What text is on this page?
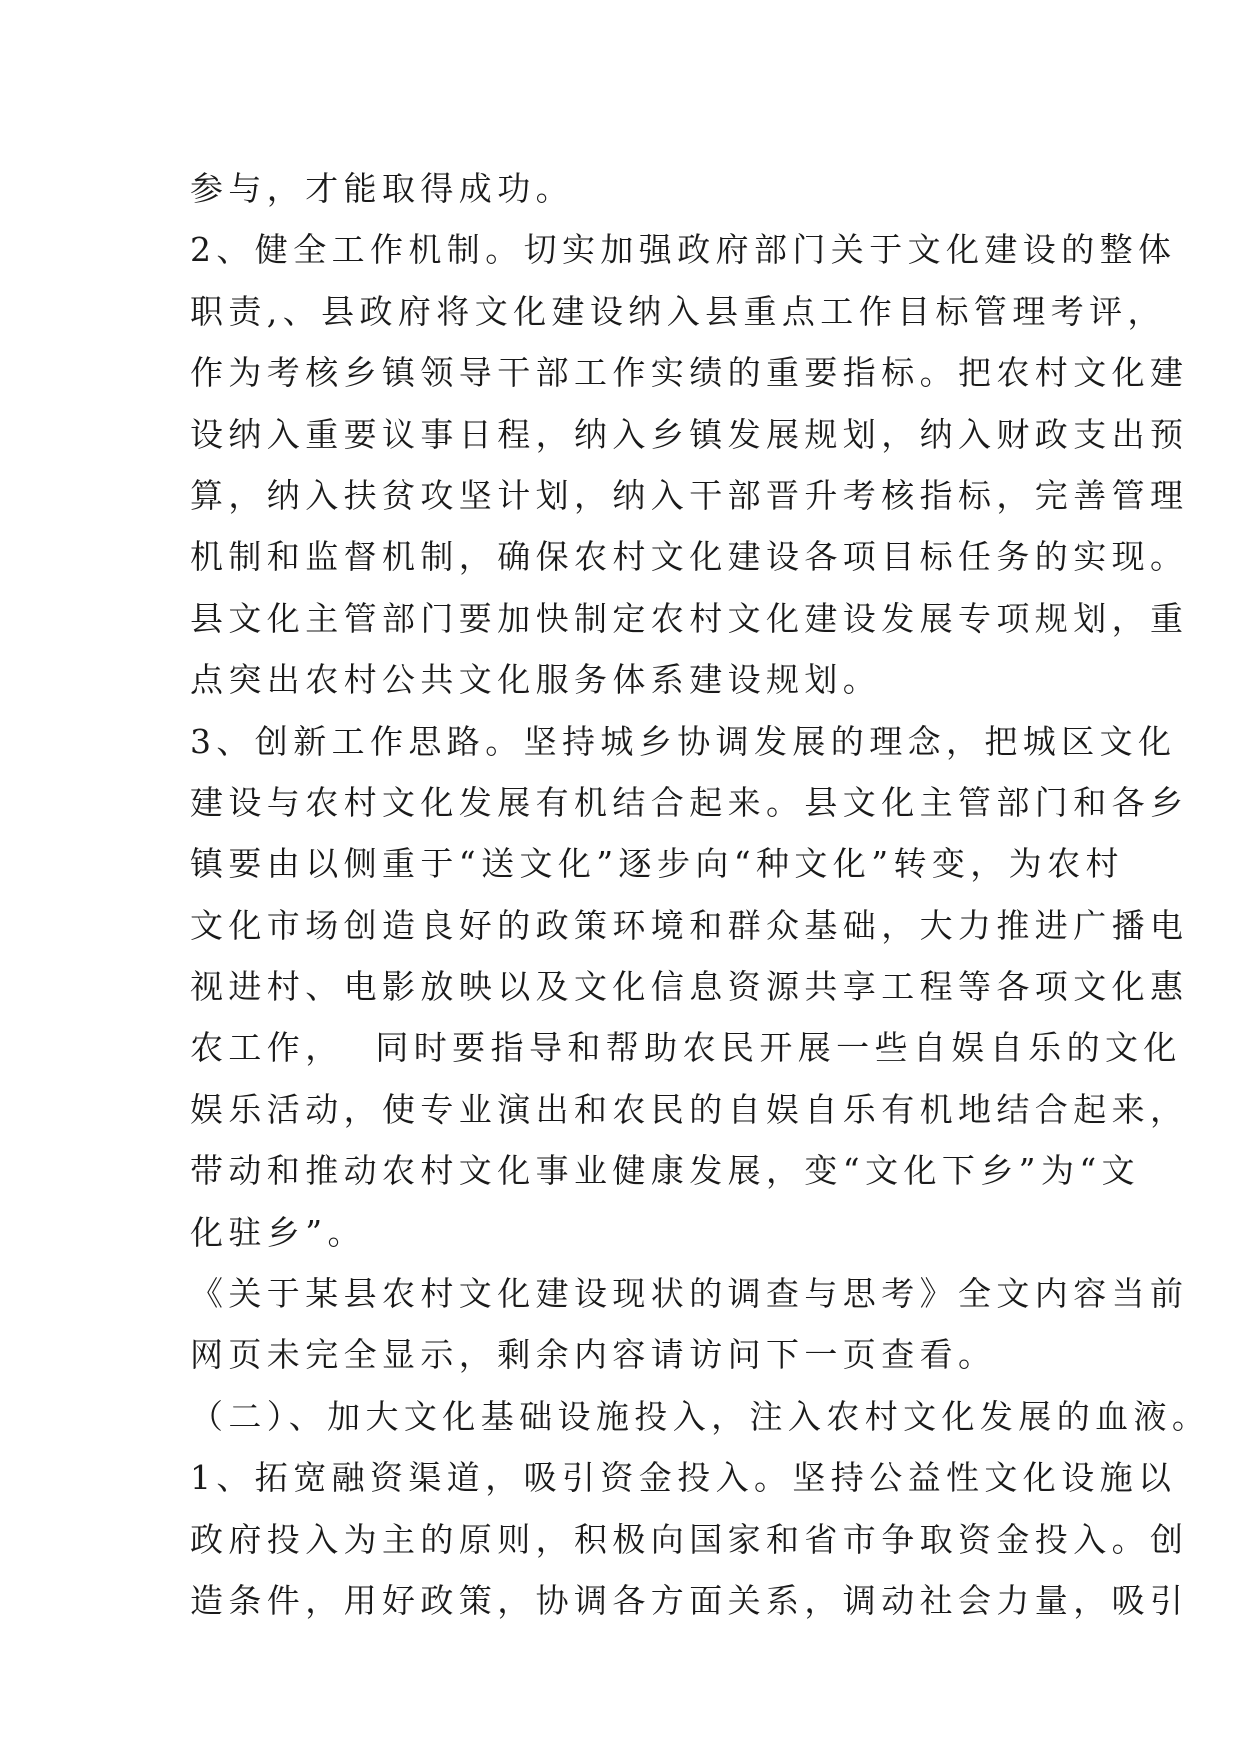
参与，才能取得成功。
2、健全工作机制。切实加强政府部门关于文化建设的整体
职责,、县政府将文化建设纳入县重点工作目标管理考评，
作为考核乡镇领导干部工作实绩的重要指标。把农村文化建
设纳入重要议事日程，纳入乡镇发展规划，纳入财政支出预
算，纳入扶贫攻坚计划，纳入干部晋升考核指标，完善管理
机制和监督机制，确保农村文化建设各项目标任务的实现。
县文化主管部门要加快制定农村文化建设发展专项规划，重
点突出农村公共文化服务体系建设规划。
3、创新工作思路。坚持城乡协调发展的理念，把城区文化
建设与农村文化发展有机结合起来。县文化主管部门和各乡
镇要由以侧重于“送文化”逐步向“种文化”转变，为农村
文化市场创造良好的政策环境和群众基础，大力推进广播电
视进村、电影放映以及文化信息资源共享工程等各项文化惠
农工作，  同时要指导和帮助农民开展一些自娱自乐的文化
娱乐活动，使专业演出和农民的自娱自乐有机地结合起来，
带动和推动农村文化事业健康发展，变“文化下乡”为“文
化驻乡”。
《关于某县农村文化建设现状的调查与思考》全文内容当前
网页未完全显示，剩余内容请访问下一页查看。
（二）、加大文化基础设施投入，注入农村文化发展的血液。
1、拓宽融资渠道，吸引资金投入。坚持公益性文化设施以
政府投入为主的原则，积极向国家和省市争取资金投入。创
造条件，用好政策，协调各方面关系，调动社会力量，吸引
